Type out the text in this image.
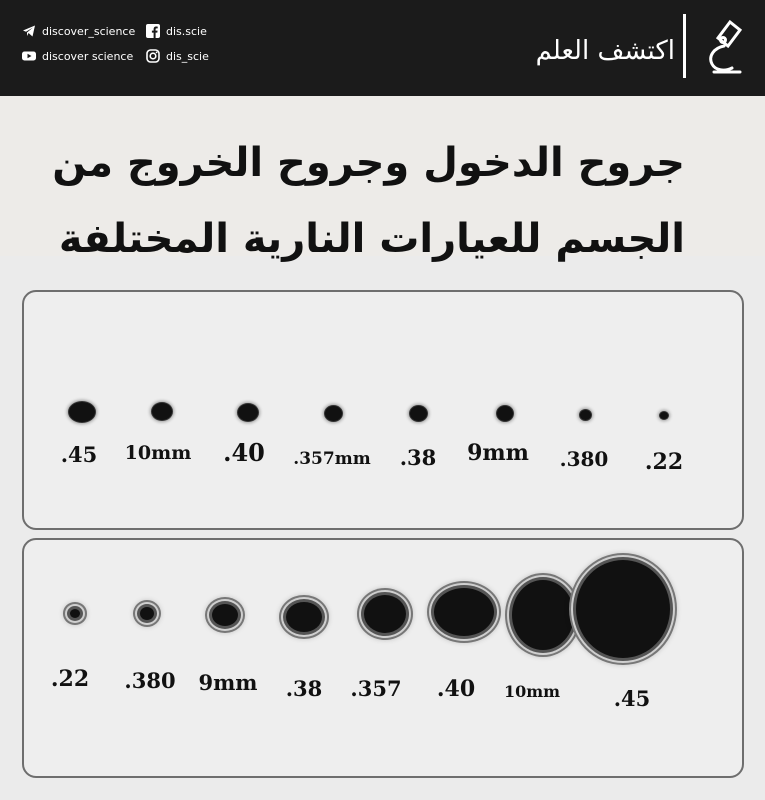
discover_science
discover science
dis.scie
dis_scie	اكتشف العلم
جروح الدخول وجروح الخروج من
الجسم للعيارات النارية المختلفة
.45 10mm .40 .357mm .38 9mm .380 .22
.22 .380 9mm .38 .357 .40 10mm	.45
